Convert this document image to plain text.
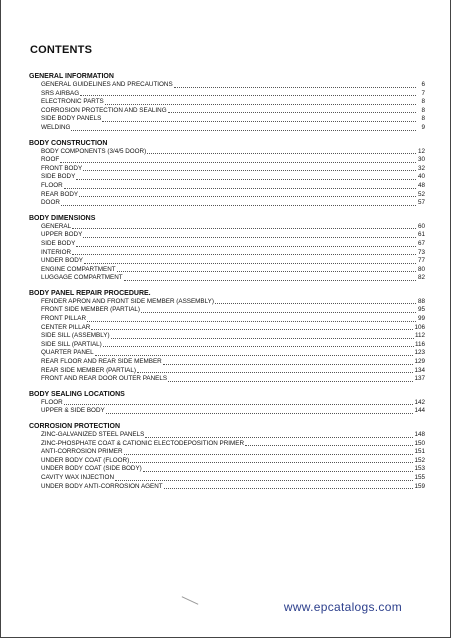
CONTENTS
GENERAL INFORMATION
GENERAL GUIDELINES AND PRECAUTIONS	6
SRS AIRBAG	7
ELECTRONIC PARTS	8
CORROSION PROTECTION AND SEALING	8
SIDE BODY PANELS	8
WELDING	9
BODY CONSTRUCTION
BODY COMPONENTS (3/4/5 DOOR)	12
ROOF	30
FRONT BODY	32
SIDE BODY	40
FLOOR	48
REAR BODY	52
DOOR	57
BODY DIMENSIONS
GENERAL	60
UPPER BODY	61
SIDE BODY	67
INTERIOR	73
UNDER BODY	77
ENGINE COMPARTMENT	80
LUGGAGE COMPARTMENT	82
BODY PANEL REPAIR PROCEDURE.
FENDER APRON AND FRONT SIDE MEMBER (ASSEMBLY)	88
FRONT SIDE MEMBER (PARTIAL)	95
FRONT PILLAR	99
CENTER PILLAR	106
SIDE SILL (ASSEMBLY)	112
SIDE SILL (PARTIAL)	116
QUARTER PANEL	123
REAR FLOOR AND REAR SIDE MEMBER	129
REAR SIDE MEMBER (PARTIAL)	134
FRONT AND REAR DOOR OUTER PANELS	137
BODY SEALING LOCATIONS
FLOOR	142
UPPER & SIDE BODY	144
CORROSION PROTECTION
ZINC-GALVANIZED STEEL PANELS	148
ZINC-PHOSPHATE COAT & CATIONIC ELECTODEPOSITION PRIMER	150
ANTI-CORROSION PRIMER	151
UNDER BODY COAT (FLOOR)	152
UNDER BODY COAT (SIDE BODY)	153
CAVITY WAX INJECTION	155
UNDER BODY ANTI-CORROSION AGENT	159
www.epcatalogs.com
